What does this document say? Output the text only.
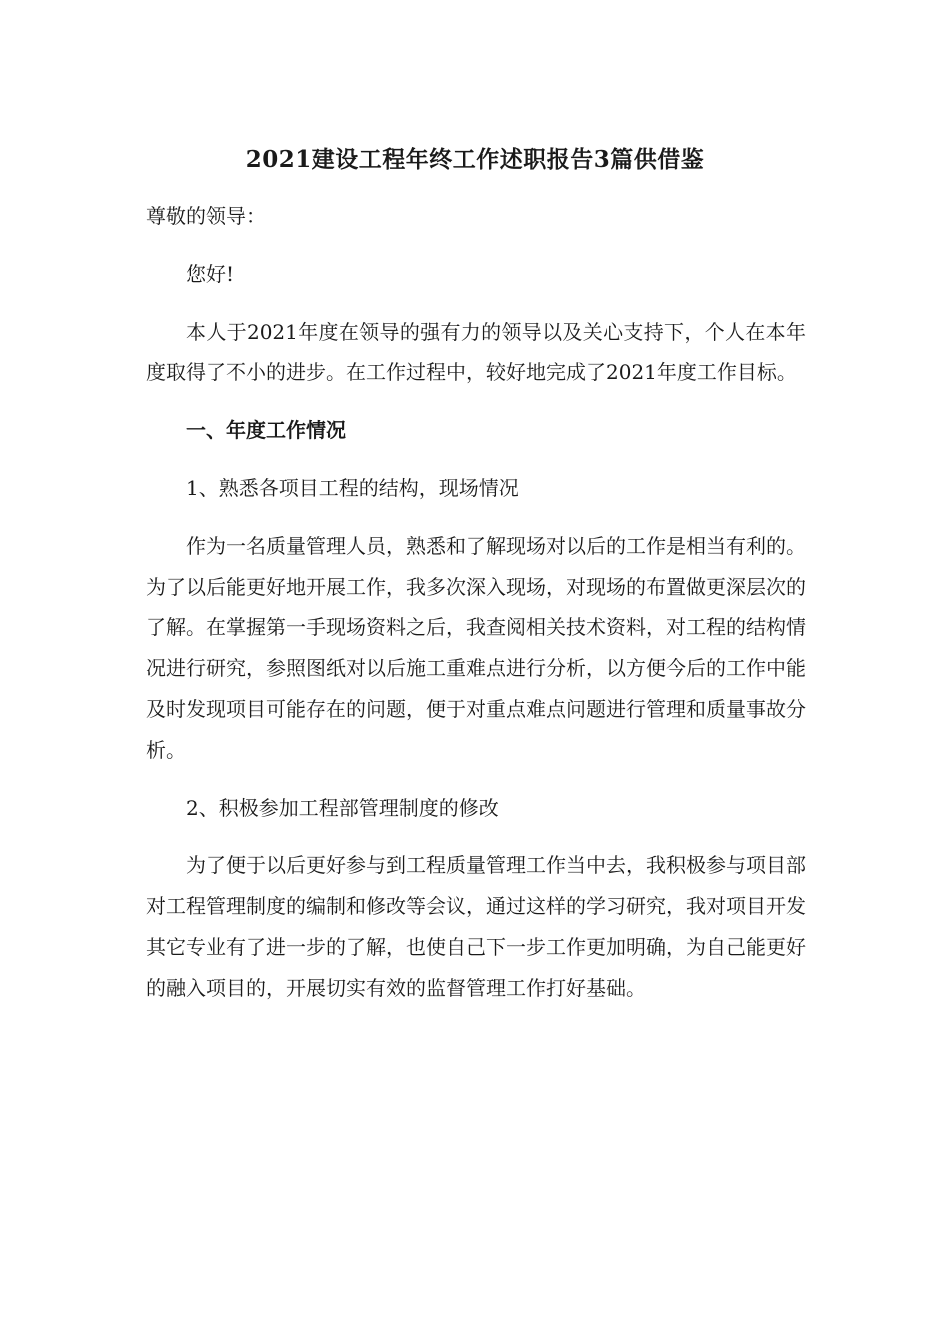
2021建设工程年终工作述职报告3篇供借鉴

尊敬的领导：

您好!

本人于2021年度在领导的强有力的领导以及关心支持下，个人在本年度取得了不小的进步。在工作过程中，较好地完成了2021年度工作目标。

一、年度工作情况

1、熟悉各项目工程的结构，现场情况

作为一名质量管理人员，熟悉和了解现场对以后的工作是相当有利的。为了以后能更好地开展工作，我多次深入现场，对现场的布置做更深层次的了解。在掌握第一手现场资料之后，我查阅相关技术资料，对工程的结构情况进行研究，参照图纸对以后施工重难点进行分析，以方便今后的工作中能及时发现项目可能存在的问题，便于对重点难点问题进行管理和质量事故分析。

2、积极参加工程部管理制度的修改

为了便于以后更好参与到工程质量管理工作当中去，我积极参与项目部对工程管理制度的编制和修改等会议，通过这样的学习研究，我对项目开发其它专业有了进一步的了解，也使自己下一步工作更加明确，为自己能更好的融入项目的，开展切实有效的监督管理工作打好基础。
